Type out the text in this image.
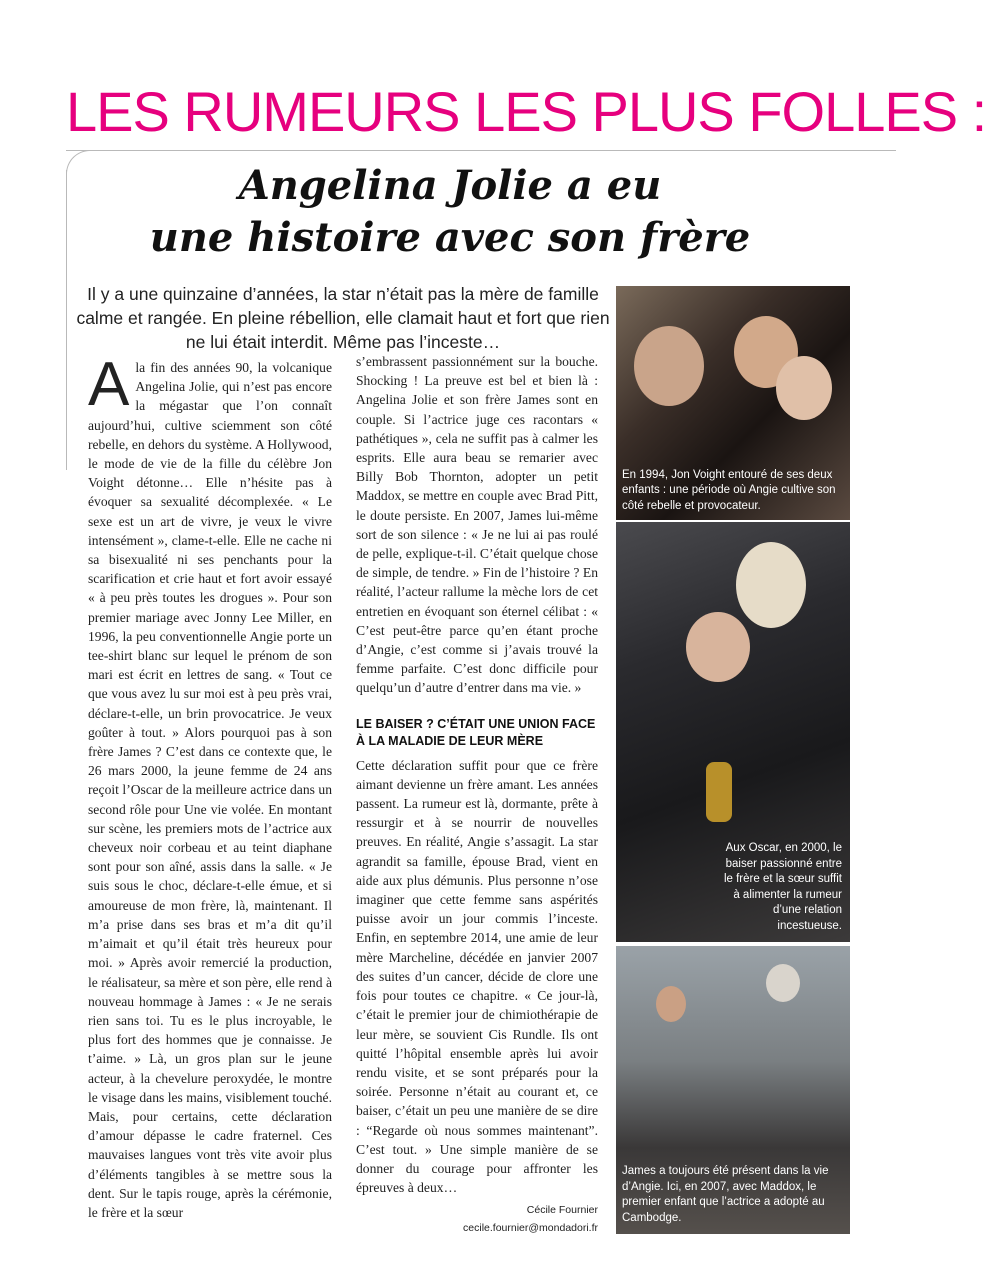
LES RUMEURS LES PLUS FOLLES :
Angelina Jolie a eu
une histoire avec son frère
Il y a une quinzaine d’années, la star n’était pas la mère de famille calme et rangée. En pleine rébellion, elle clamait haut et fort que rien ne lui était interdit. Même pas l’inceste…

Ala fin des années 90, la volcanique Angelina Jolie, qui n’est pas encore la mégastar que l’on connaît aujourd’hui, cultive sciemment son côté rebelle, en dehors du système. A Hollywood, le mode de vie de la fille du célèbre Jon Voight détonne… Elle n’hésite pas à évoquer sa sexualité décomplexée. « Le sexe est un art de vivre, je veux le vivre intensément », clame-t-elle. Elle ne cache ni sa bisexualité ni ses penchants pour la scarification et crie haut et fort avoir essayé « à peu près toutes les drogues ». Pour son premier mariage avec Jonny Lee Miller, en 1996, la peu conventionnelle Angie porte un tee-shirt blanc sur lequel le prénom de son mari est écrit en lettres de sang. « Tout ce que vous avez lu sur moi est à peu près vrai, déclare-t-elle, un brin provocatrice. Je veux goûter à tout. » Alors pourquoi pas à son frère James ? C’est dans ce contexte que, le 26 mars 2000, la jeune femme de 24 ans reçoit l’Oscar de la meilleure actrice dans un second rôle pour Une vie volée. En montant sur scène, les premiers mots de l’actrice aux cheveux noir corbeau et au teint diaphane sont pour son aîné, assis dans la salle. « Je suis sous le choc, déclare-t-elle émue, et si amoureuse de mon frère, là, maintenant. Il m’a prise dans ses bras et m’a dit qu’il m’aimait et qu’il était très heureux pour moi. » Après avoir remercié la production, le réalisateur, sa mère et son père, elle rend à nouveau hommage à James : « Je ne serais rien sans toi. Tu es le plus incroyable, le plus fort des hommes que je connaisse. Je t’aime. » Là, un gros plan sur le jeune acteur, à la chevelure peroxydée, le montre le visage dans les mains, visiblement touché. Mais, pour certains, cette déclaration d’amour dépasse le cadre fraternel. Ces mauvaises langues vont très vite avoir plus d’éléments tangibles à se mettre sous la dent. Sur le tapis rouge, après la cérémonie, le frère et la sœur

s’embrassent passionnément sur la bouche. Shocking ! La preuve est bel et bien là : Angelina Jolie et son frère James sont en couple. Si l’actrice juge ces racontars « pathétiques », cela ne suffit pas à calmer les esprits. Elle aura beau se remarier avec Billy Bob Thornton, adopter un petit Maddox, se mettre en couple avec Brad Pitt, le doute persiste. En 2007, James lui-même sort de son silence : « Je ne lui ai pas roulé de pelle, explique-t-il. C’était quelque chose de simple, de tendre. » Fin de l’histoire ? En réalité, l’acteur rallume la mèche lors de cet entretien en évoquant son éternel célibat : « C’est peut-être parce qu’en étant proche d’Angie, c’est comme si j’avais trouvé la femme parfaite. C’est donc difficile pour quelqu’un d’autre d’entrer dans ma vie. »

LE BAISER ? C’ÉTAIT UNE UNION FACE À LA MALADIE DE LEUR MÈRE

Cette déclaration suffit pour que ce frère aimant devienne un frère amant. Les années passent. La rumeur est là, dormante, prête à ressurgir et à se nourrir de nouvelles preuves. En réalité, Angie s’assagit. La star agrandit sa famille, épouse Brad, vient en aide aux plus démunis. Plus personne n’ose imaginer que cette femme sans aspérités puisse avoir un jour commis l’inceste. Enfin, en septembre 2014, une amie de leur mère Marcheline, décédée en janvier 2007 des suites d’un cancer, décide de clore une fois pour toutes ce chapitre. « Ce jour-là, c’était le premier jour de chimiothérapie de leur mère, se souvient Cis Rundle. Ils ont quitté l’hôpital ensemble après lui avoir rendu visite, et se sont préparés pour la soirée. Personne n’était au courant et, ce baiser, c’était un peu une manière de se dire : “Regarde où nous sommes maintenant”. C’est tout. » Une simple manière de se donner du courage pour affronter les épreuves à deux…

Cécile Fournier
cecile.fournier@mondadori.fr
En 1994, Jon Voight entouré de ses deux enfants : une période où Angie cultive son côté rebelle et provocateur.
Aux Oscar, en 2000, le baiser passionné entre le frère et la sœur suffit à alimenter la rumeur d’une relation incestueuse.
James a toujours été présent dans la vie d’Angie. Ici, en 2007, avec Maddox, le premier enfant que l’actrice a adopté au Cambodge.
